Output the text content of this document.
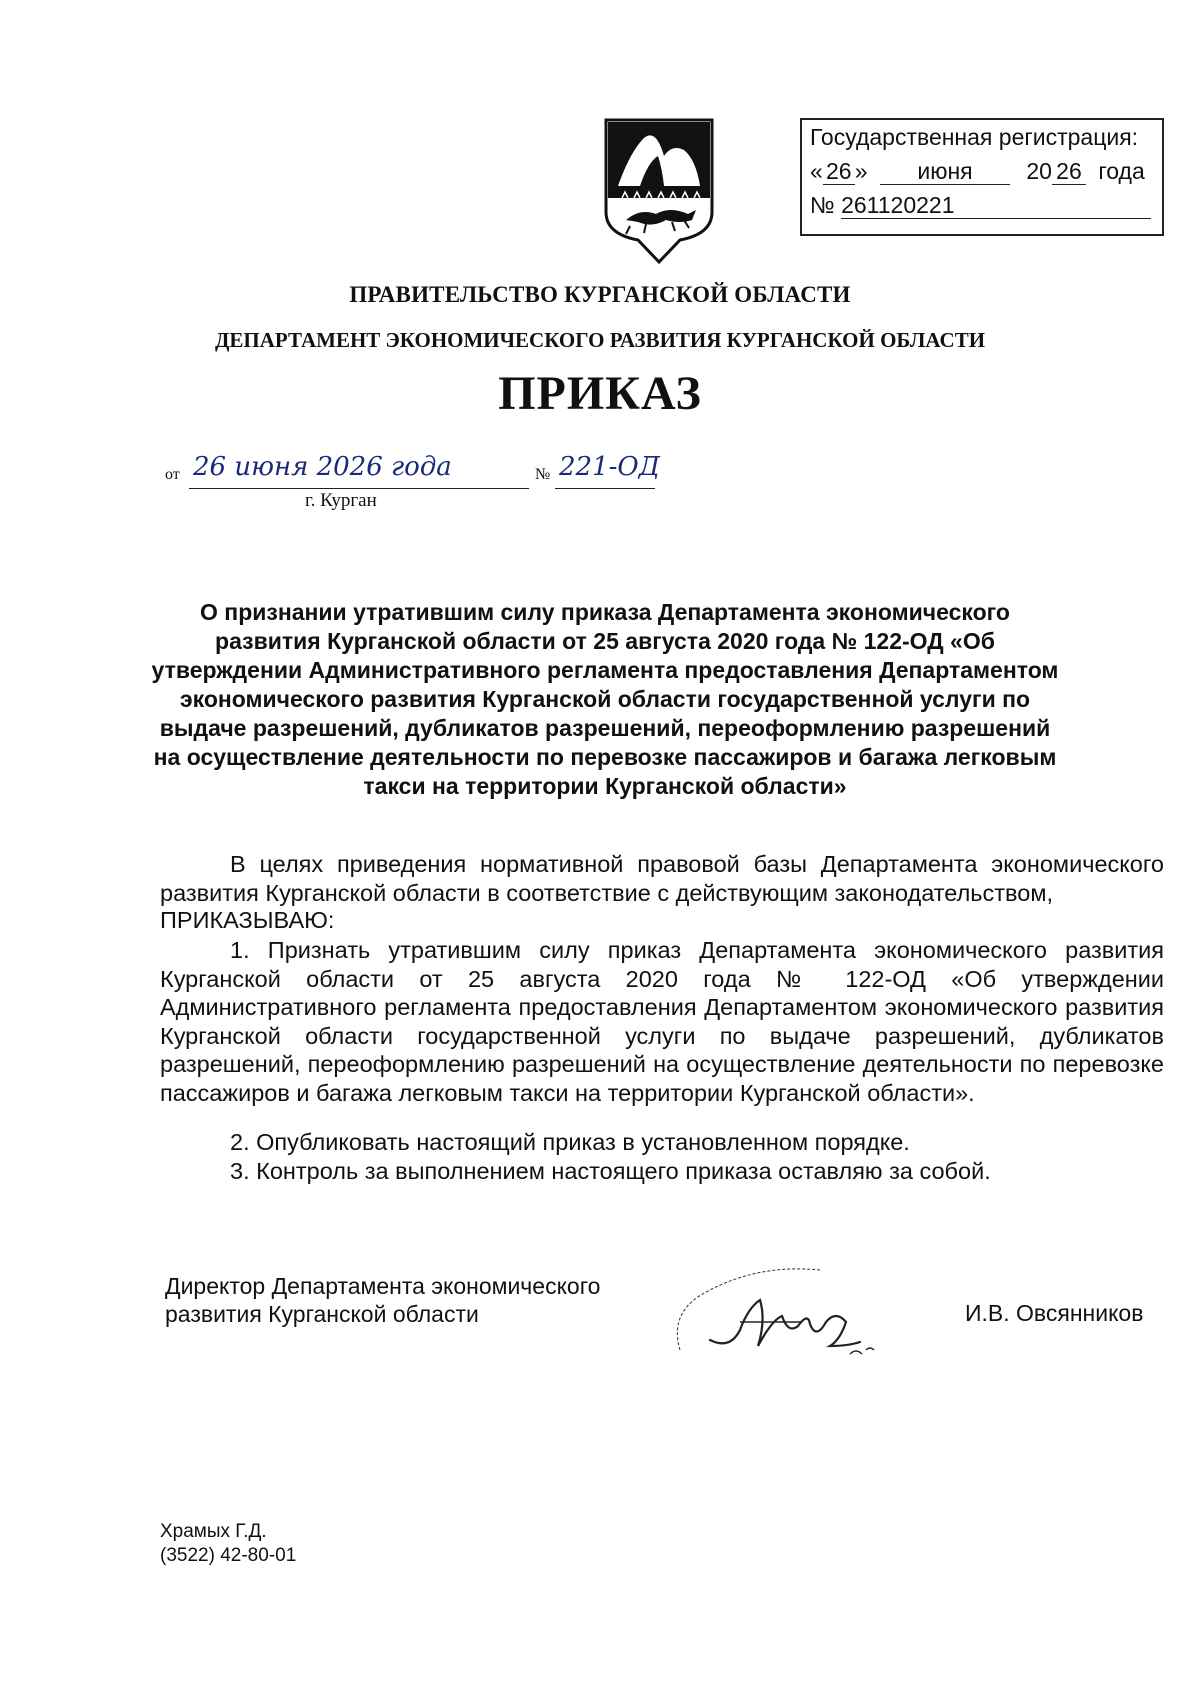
Государственная регистрация:
« 26 » июня 20 26 года
№ 261120221
ПРАВИТЕЛЬСТВО КУРГАНСКОЙ ОБЛАСТИ
ДЕПАРТАМЕНТ ЭКОНОМИЧЕСКОГО РАЗВИТИЯ КУРГАНСКОЙ ОБЛАСТИ
ПРИКАЗ
от 26 июня 2026 года	№ 221-ОД
г. Курган
О признании утратившим силу приказа Департамента экономического развития Курганской области от 25 августа 2020 года № 122-ОД «Об утверждении Административного регламента предоставления Департаментом экономического развития Курганской области государственной услуги по выдаче разрешений, дубликатов разрешений, переоформлению разрешений на осуществление деятельности по перевозке пассажиров и багажа легковым такси на территории Курганской области»
В целях приведения нормативной правовой базы Департамента экономического развития Курганской области в соответствие с действующим законодательством,
ПРИКАЗЫВАЮ:
1. Признать утратившим силу приказ Департамента экономического развития Курганской области от 25 августа 2020 года № 122-ОД «Об утверждении Административного регламента предоставления Департаментом экономического развития Курганской области государственной услуги по выдаче разрешений, дубликатов разрешений, переоформлению разрешений на осуществление деятельности по перевозке пассажиров и багажа легковым такси на территории Курганской области».
2. Опубликовать настоящий приказ в установленном порядке.
3. Контроль за выполнением настоящего приказа оставляю за собой.
Директор Департамента экономического
развития Курганской области	И.В. Овсянников
Храмых Г.Д.
(3522) 42-80-01
